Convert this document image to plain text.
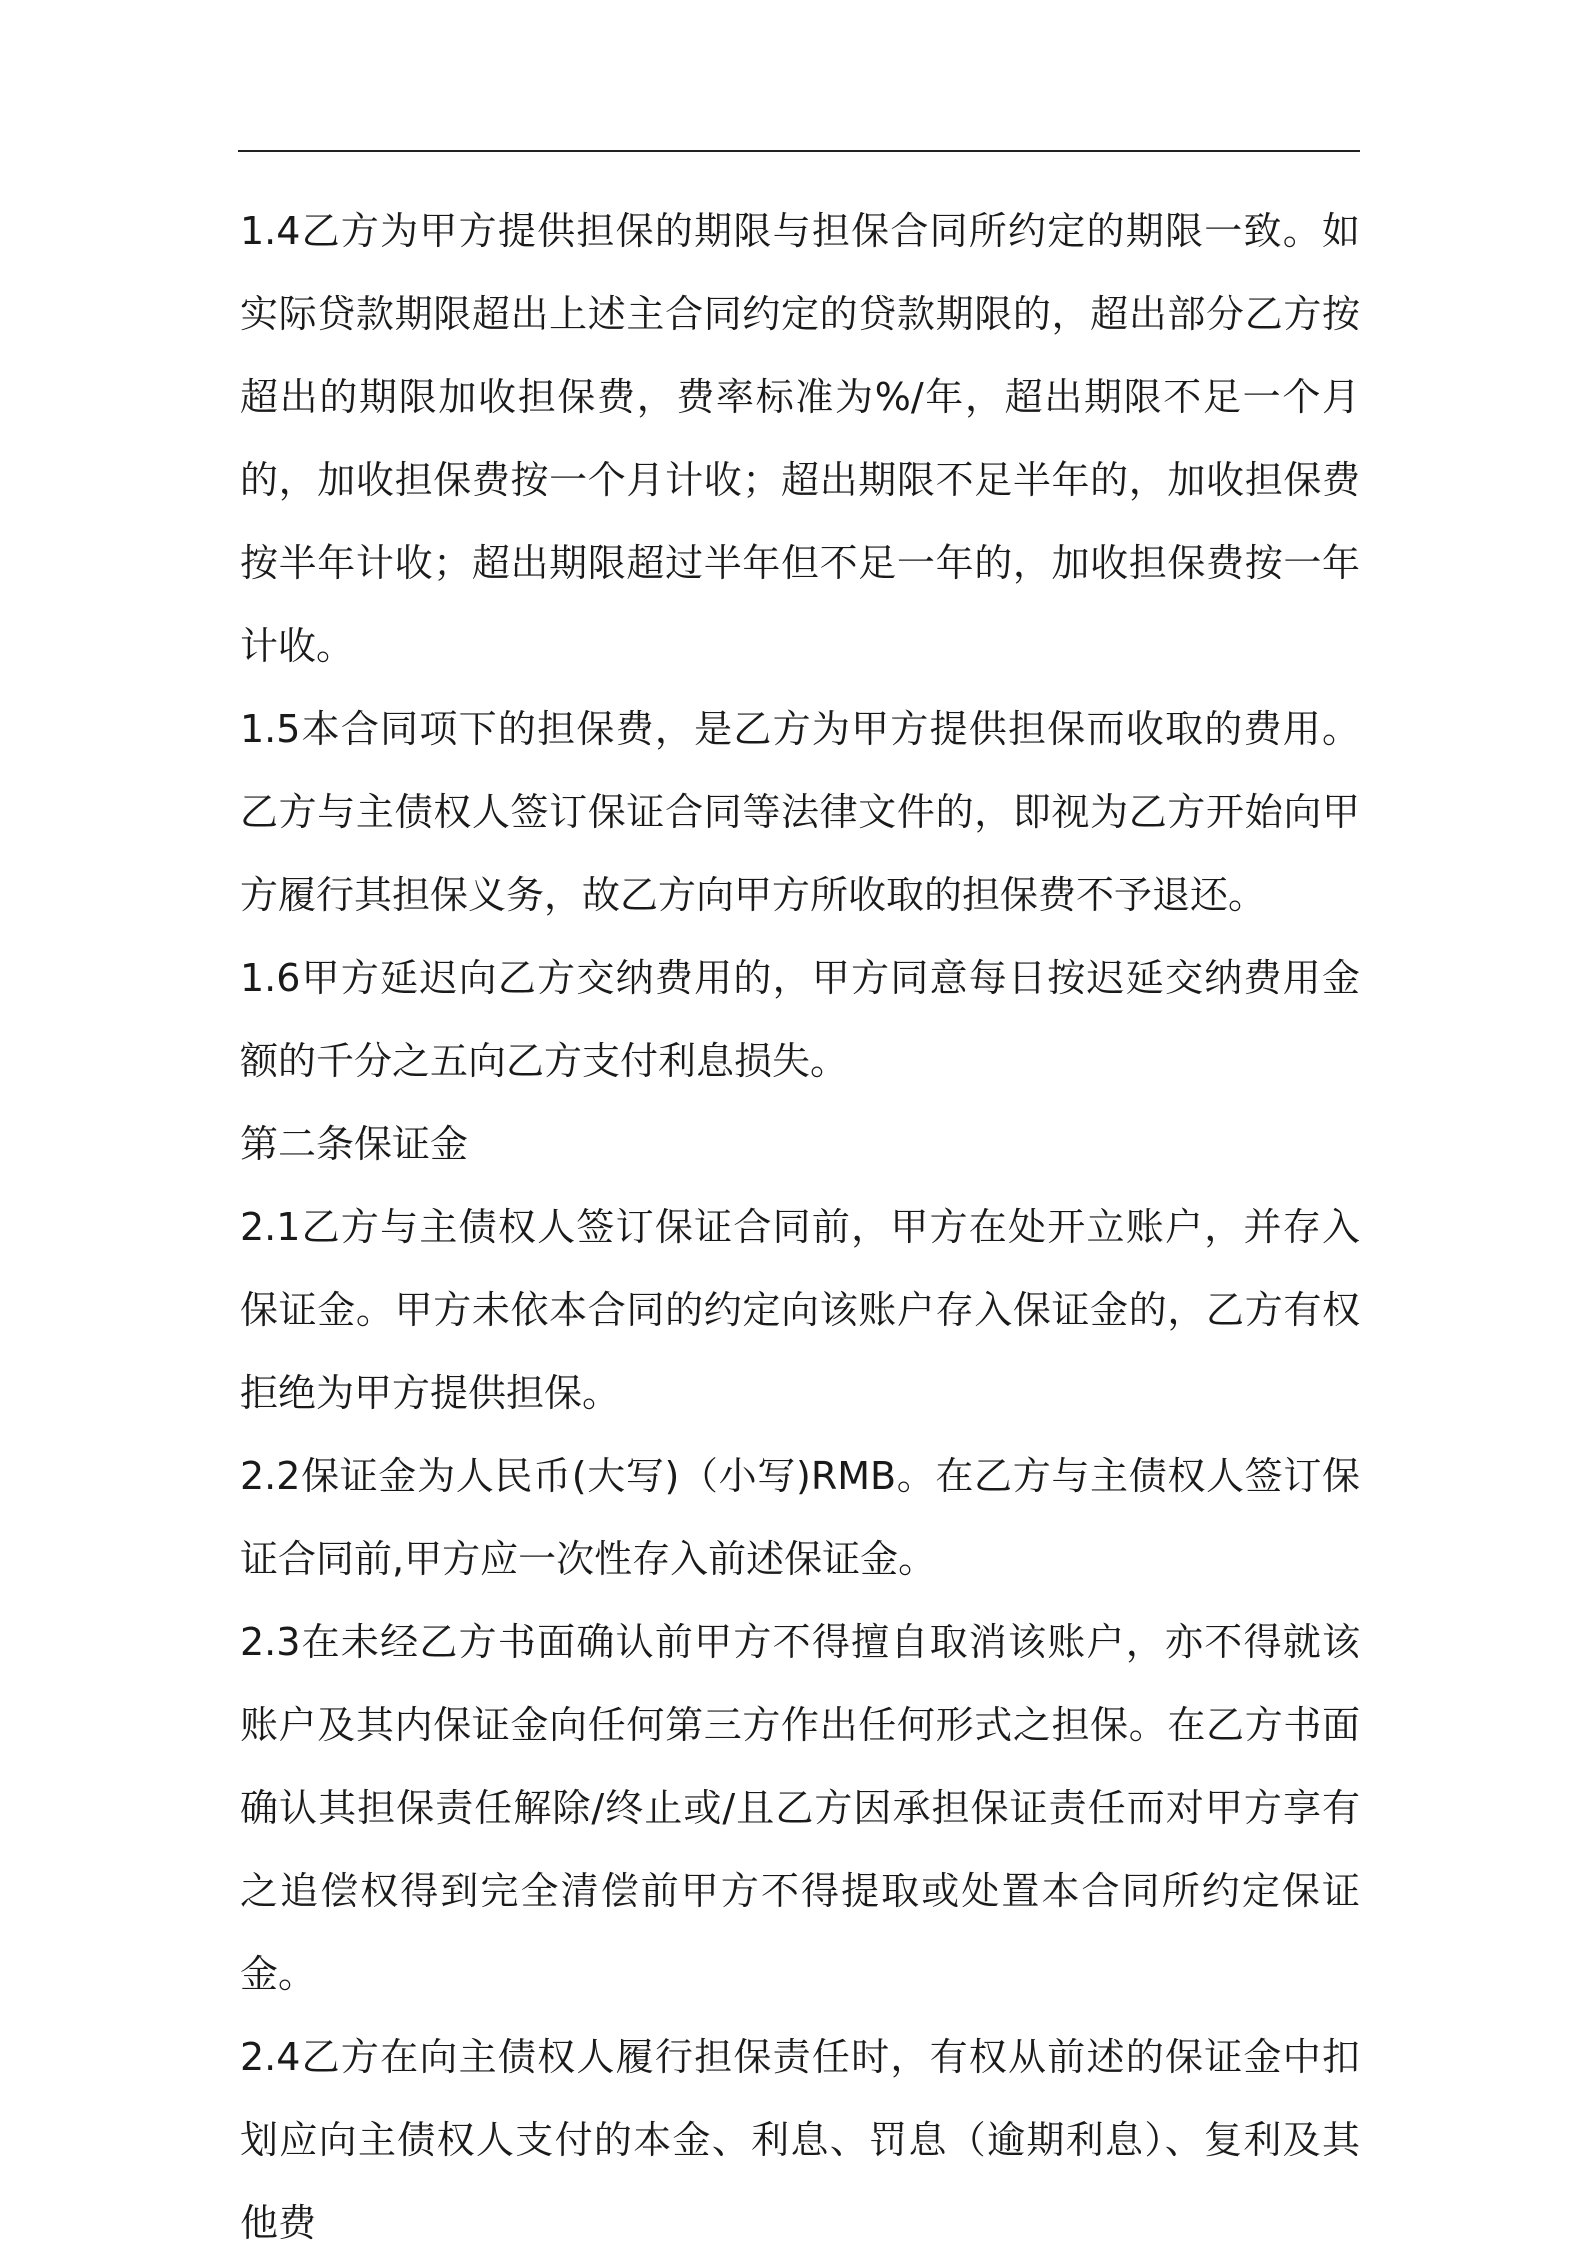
1.4乙方为甲方提供担保的期限与担保合同所约定的期限一致。如实际贷款期限超出上述主合同约定的贷款期限的，超出部分乙方按超出的期限加收担保费，费率标准为%/年，超出期限不足一个月的，加收担保费按一个月计收；超出期限不足半年的，加收担保费按半年计收；超出期限超过半年但不足一年的，加收担保费按一年计收。

1.5本合同项下的担保费，是乙方为甲方提供担保而收取的费用。乙方与主债权人签订保证合同等法律文件的，即视为乙方开始向甲方履行其担保义务，故乙方向甲方所收取的担保费不予退还。

1.6甲方延迟向乙方交纳费用的，甲方同意每日按迟延交纳费用金额的千分之五向乙方支付利息损失。

第二条保证金

2.1乙方与主债权人签订保证合同前，甲方在处开立账户，并存入保证金。甲方未依本合同的约定向该账户存入保证金的，乙方有权拒绝为甲方提供担保。

2.2保证金为人民币(大写)（小写)RMB。在乙方与主债权人签订保证合同前,甲方应一次性存入前述保证金。

2.3在未经乙方书面确认前甲方不得擅自取消该账户，亦不得就该账户及其内保证金向任何第三方作出任何形式之担保。在乙方书面确认其担保责任解除/终止或/且乙方因承担保证责任而对甲方享有之追偿权得到完全清偿前甲方不得提取或处置本合同所约定保证金。

2.4乙方在向主债权人履行担保责任时，有权从前述的保证金中扣划应向主债权人支付的本金、利息、罚息（逾期利息）、复利及其他费
